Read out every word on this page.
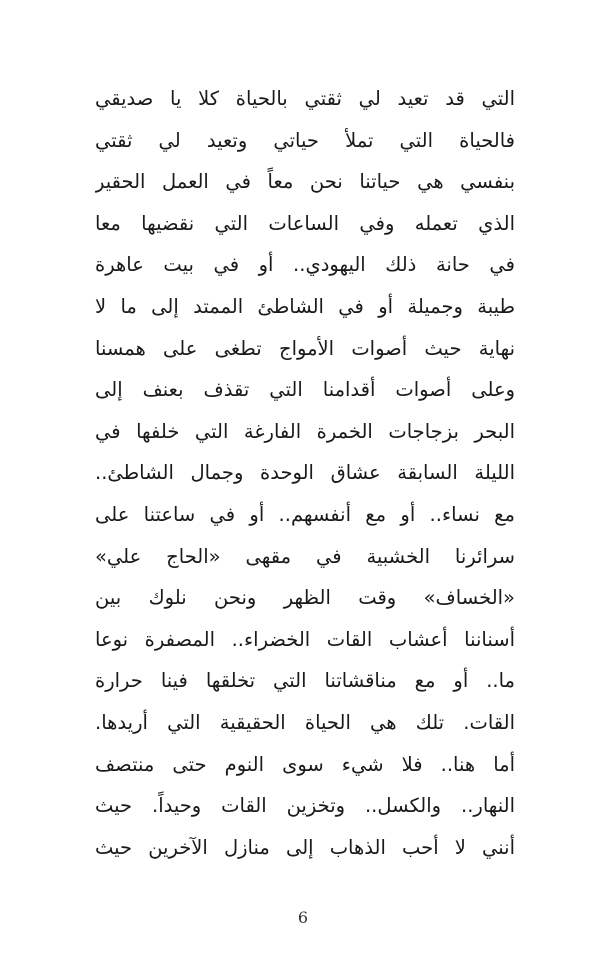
التي قد تعيد لي ثقتي بالحياة كلا يا صديقي
فالحياة التي تملأ حياتي وتعيد لي ثقتي
بنفسي هي حياتنا نحن معاً في العمل الحقير
الذي تعمله وفي الساعات التي نقضيها معا
في حانة ذلك اليهودي.. أو في بيت عاهرة
طيبة وجميلة أو في الشاطئ الممتد إلى ما لا
نهاية حيث أصوات الأمواج تطغى على همسنا
وعلى أصوات أقدامنا التي تقذف بعنف إلى
البحر بزجاجات الخمرة الفارغة التي خلفها في
الليلة السابقة عشاق الوحدة وجمال الشاطئ..
مع نساء.. أو مع أنفسهم.. أو في ساعتنا على
سرائرنا الخشبية في مقهى «الحاج علي»
«الخساف» وقت الظهر ونحن نلوك بين
أسناننا أعشاب القات الخضراء.. المصفرة نوعا
ما.. أو مع مناقشاتنا التي تخلقها فينا حرارة
القات. تلك هي الحياة الحقيقية التي أريدها.
أما هنا.. فلا شيء سوى النوم حتى منتصف
النهار.. والكسل.. وتخزين القات وحيداً. حيث
أنني لا أحب الذهاب إلى منازل الآخرين حيث
6
